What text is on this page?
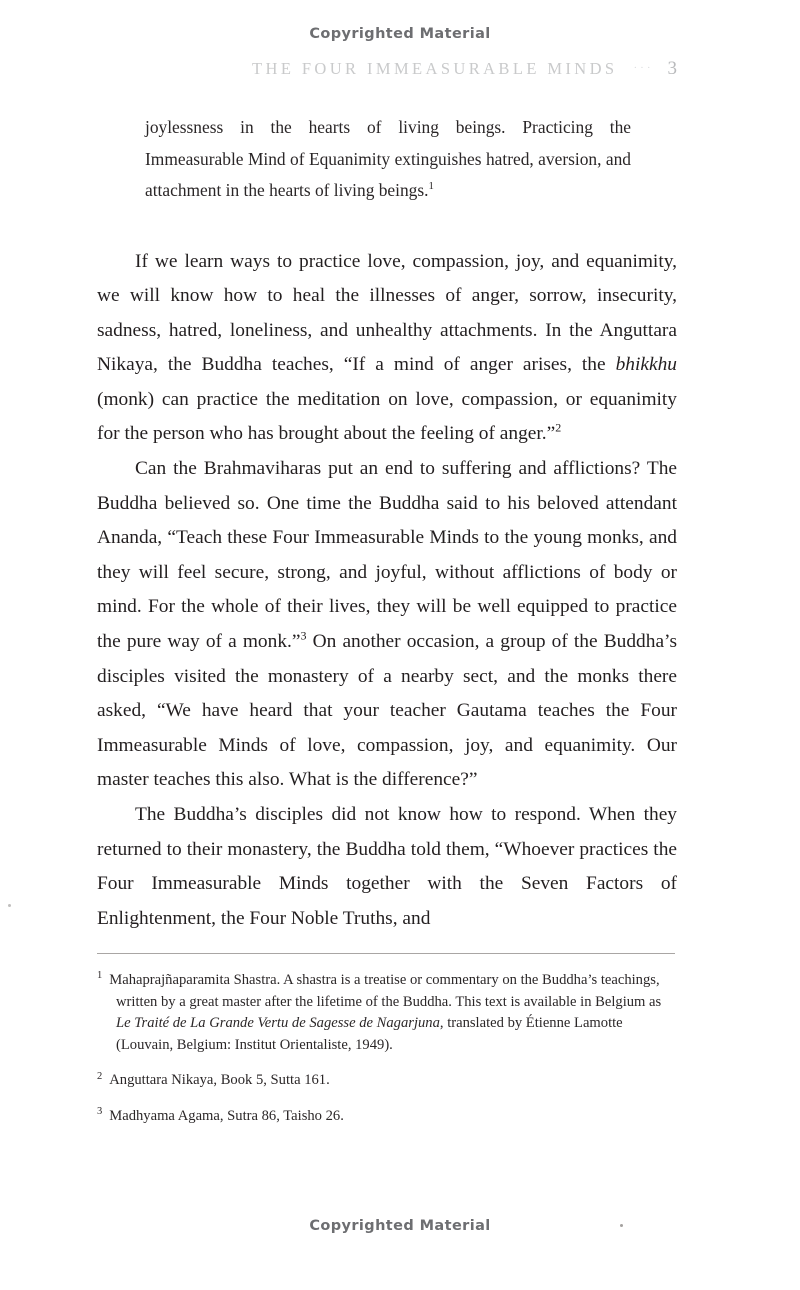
Copyrighted Material
THE FOUR IMMEASURABLE MINDS ··· 3
joylessness in the hearts of living beings. Practicing the Immeasurable Mind of Equanimity extinguishes hatred, aversion, and attachment in the hearts of living beings.$^1$

If we learn ways to practice love, compassion, joy, and equanimity, we will know how to heal the illnesses of anger, sorrow, insecurity, sadness, hatred, loneliness, and unhealthy attachments. In the Anguttara Nikaya, the Buddha teaches, “If a mind of anger arises, the bhikkhu (monk) can practice the meditation on love, compassion, or equanimity for the person who has brought about the feeling of anger.”$^2$

Can the Brahmaviharas put an end to suffering and afflictions? The Buddha believed so. One time the Buddha said to his beloved attendant Ananda, “Teach these Four Immeasurable Minds to the young monks, and they will feel secure, strong, and joyful, without afflictions of body or mind. For the whole of their lives, they will be well equipped to practice the pure way of a monk.”$^3$ On another occasion, a group of the Buddha’s disciples visited the monastery of a nearby sect, and the monks there asked, “We have heard that your teacher Gautama teaches the Four Immeasurable Minds of love, compassion, joy, and equanimity. Our master teaches this also. What is the difference?”

The Buddha’s disciples did not know how to respond. When they returned to their monastery, the Buddha told them, “Whoever practices the Four Immeasurable Minds together with the Seven Factors of Enlightenment, the Four Noble Truths, and

$^1$ Mahaprajñaparamita Shastra. A shastra is a treatise or commentary on the Buddha’s teachings, written by a great master after the lifetime of the Buddha. This text is available in Belgium as Le Traité de La Grande Vertu de Sagesse de Nagarjuna, translated by Étienne Lamotte (Louvain, Belgium: Institut Orientaliste, 1949).

$^2$ Anguttara Nikaya, Book 5, Sutta 161.

$^3$ Madhyama Agama, Sutra 86, Taisho 26.

Copyrighted Material
